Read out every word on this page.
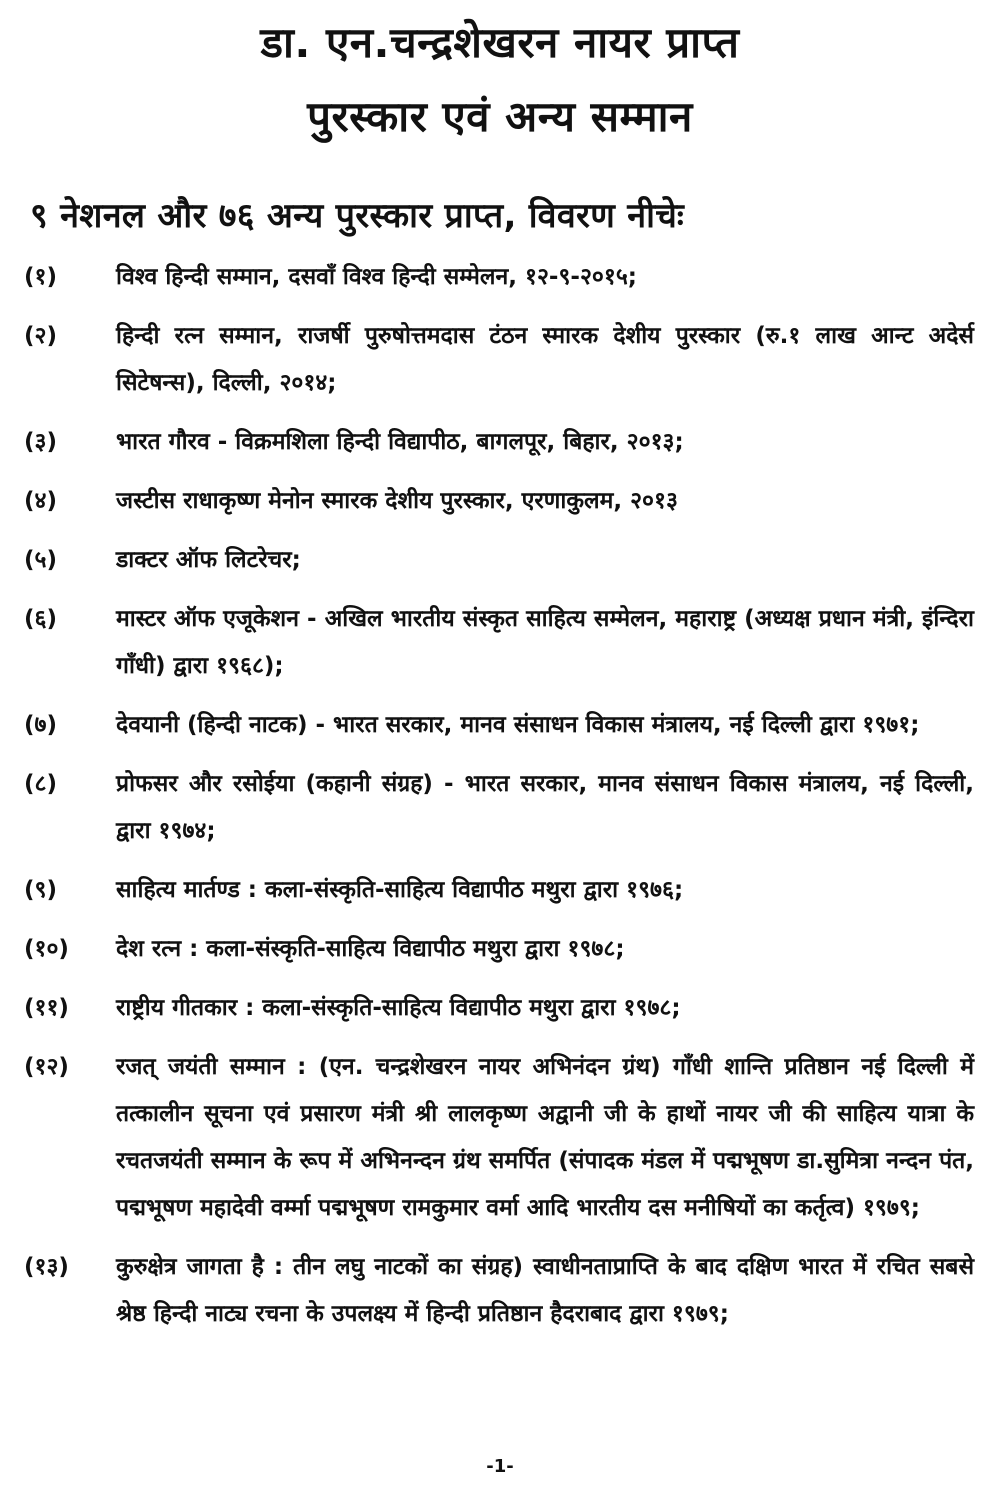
डा. एन.चन्द्रशेखरन नायर प्राप्त
पुरस्कार एवं अन्य सम्मान
९ नेशनल और ७६ अन्य पुरस्कार प्राप्त, विवरण नीचेः
(१)	विश्व हिन्दी सम्मान, दसवाँ विश्व हिन्दी सम्मेलन, १२-९-२०१५;
(२)	हिन्दी रत्न सम्मान, राजर्षी पुरुषोत्तमदास टंठन स्मारक देशीय पुरस्कार (रु.१ लाख आन्ट अदेर्स सिटेषन्स), दिल्ली, २०१४;
(३)	भारत गौरव - विक्रमशिला हिन्दी विद्यापीठ, बागलपूर, बिहार, २०१३;
(४)	जस्टीस राधाकृष्ण मेनोन स्मारक देशीय पुरस्कार, एरणाकुलम, २०१३
(५)	डाक्टर ऑफ लिटरेचर;
(६)	मास्टर ऑफ एजूकेशन - अखिल भारतीय संस्कृत साहित्य सम्मेलन, महाराष्ट्र (अध्यक्ष प्रधान मंत्री, इंन्दिरा गाँधी) द्वारा १९६८);
(७)	देवयानी (हिन्दी नाटक) - भारत सरकार, मानव संसाधन विकास मंत्रालय, नई दिल्ली द्वारा १९७१;
(८)	प्रोफसर और रसोईया (कहानी संग्रह) - भारत सरकार, मानव संसाधन विकास मंत्रालय, नई दिल्ली, द्वारा १९७४;
(९)	साहित्य मार्तण्ड : कला-संस्कृति-साहित्य विद्यापीठ मथुरा द्वारा १९७६;
(१०)	देश रत्न : कला-संस्कृति-साहित्य विद्यापीठ मथुरा द्वारा १९७८;
(११)	राष्ट्रीय गीतकार : कला-संस्कृति-साहित्य विद्यापीठ मथुरा द्वारा १९७८;
(१२)	रजत् जयंती सम्मान : (एन. चन्द्रशेखरन नायर अभिनंदन ग्रंथ) गाँधी शान्ति प्रतिष्ठान नई दिल्ली में तत्कालीन सूचना एवं प्रसारण मंत्री श्री लालकृष्ण अद्वानी जी के हाथों नायर जी की साहित्य यात्रा के रचतजयंती सम्मान के रूप में अभिनन्दन ग्रंथ समर्पित (संपादक मंडल में पद्मभूषण डा.सुमित्रा नन्दन पंत, पद्मभूषण महादेवी वर्म्मा पद्मभूषण रामकुमार वर्मा आदि भारतीय दस मनीषियों का कर्तृत्व) १९७९;
(१३)	कुरुक्षेत्र जागता है : तीन लघु नाटकों का संग्रह) स्वाधीनताप्राप्ति के बाद दक्षिण भारत में रचित सबसे श्रेष्ठ हिन्दी नाट्य रचना के उपलक्ष्य में हिन्दी प्रतिष्ठान हैदराबाद द्वारा १९७९;
-1-
